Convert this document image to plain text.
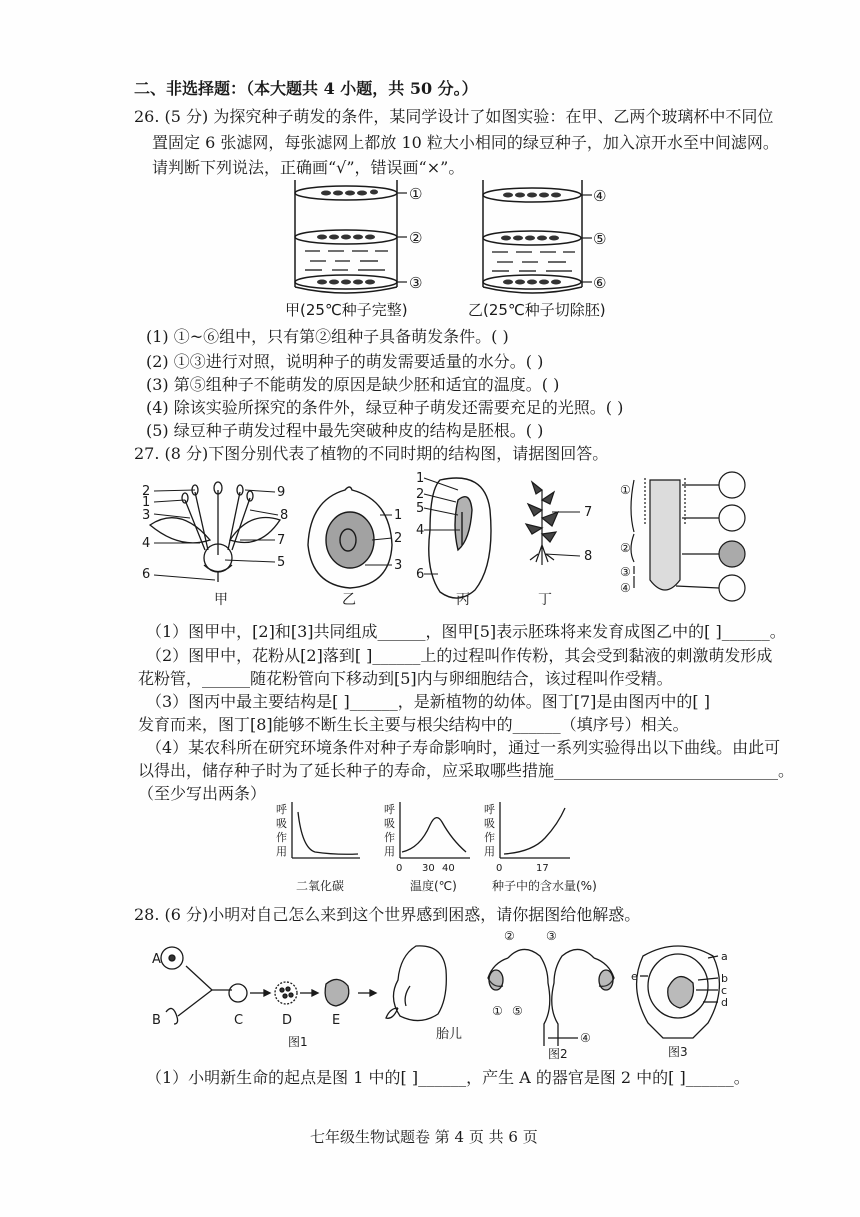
二、非选择题：（本大题共 4 小题，共 50 分。）
26. (5 分) 为探究种子萌发的条件，某同学设计了如图实验：在甲、乙两个玻璃杯中不同位
置固定 6 张滤网，每张滤网上都放 10 粒大小相同的绿豆种子，加入凉开水至中间滤网。
请判断下列说法，正确画“√”，错误画“×”。
①
②
③
④
⑤
⑥
甲(25℃种子完整)	乙(25℃种子切除胚)
(1) ①~⑥组中，只有第②组种子具备萌发条件。( )
(2) ①③进行对照，说明种子的萌发需要适量的水分。( )
(3) 第⑤组种子不能萌发的原因是缺少胚和适宜的温度。( )
(4) 除该实验所探究的条件外，绿豆种子萌发还需要充足的光照。( )
(5) 绿豆种子萌发过程中最先突破种皮的结构是胚根。( )
27. (8 分)下图分别代表了植物的不同时期的结构图，请据图回答。
2
1
3
4
6
9
8
7
5
1
2
3
1
2
5
4
6
7
8
①
②
③
④
甲	乙	丙	丁
（1）图甲中，[2]和[3]共同组成______，图甲[5]表示胚珠将来发育成图乙中的[ ]______。
（2）图甲中，花粉从[2]落到[ ]______上的过程叫作传粉，其会受到黏液的刺激萌发形成
花粉管，______随花粉管向下移动到[5]内与卵细胞结合，该过程叫作受精。
（3）图丙中最主要结构是[ ]______，是新植物的幼体。图丁[7]是由图丙中的[ ]
发育而来，图丁[8]能够不断生长主要与根尖结构中的______（填序号）相关。
（4）某农科所在研究环境条件对种子寿命影响时，通过一系列实验得出以下曲线。由此可
以得出，储存种子时为了延长种子的寿命，应采取哪些措施____________________________。
（至少写出两条）
呼
吸
作
用
呼
吸
作
用
呼
吸
作
用
0 30 40	0	17
二氧化碳	温度(℃)	种子中的含水量(%)
28. (6 分)小明对自己怎么来到这个世界感到困惑，请你据图给他解惑。
A
B	C	D	E
胎儿
图1
②	③
① ⑤
④
图2
a
b
c
d
e
图3
（1）小明新生命的起点是图 1 中的[ ]______，产生 A 的器官是图 2 中的[ ]______。
七年级生物试题卷 第 4 页 共 6 页
